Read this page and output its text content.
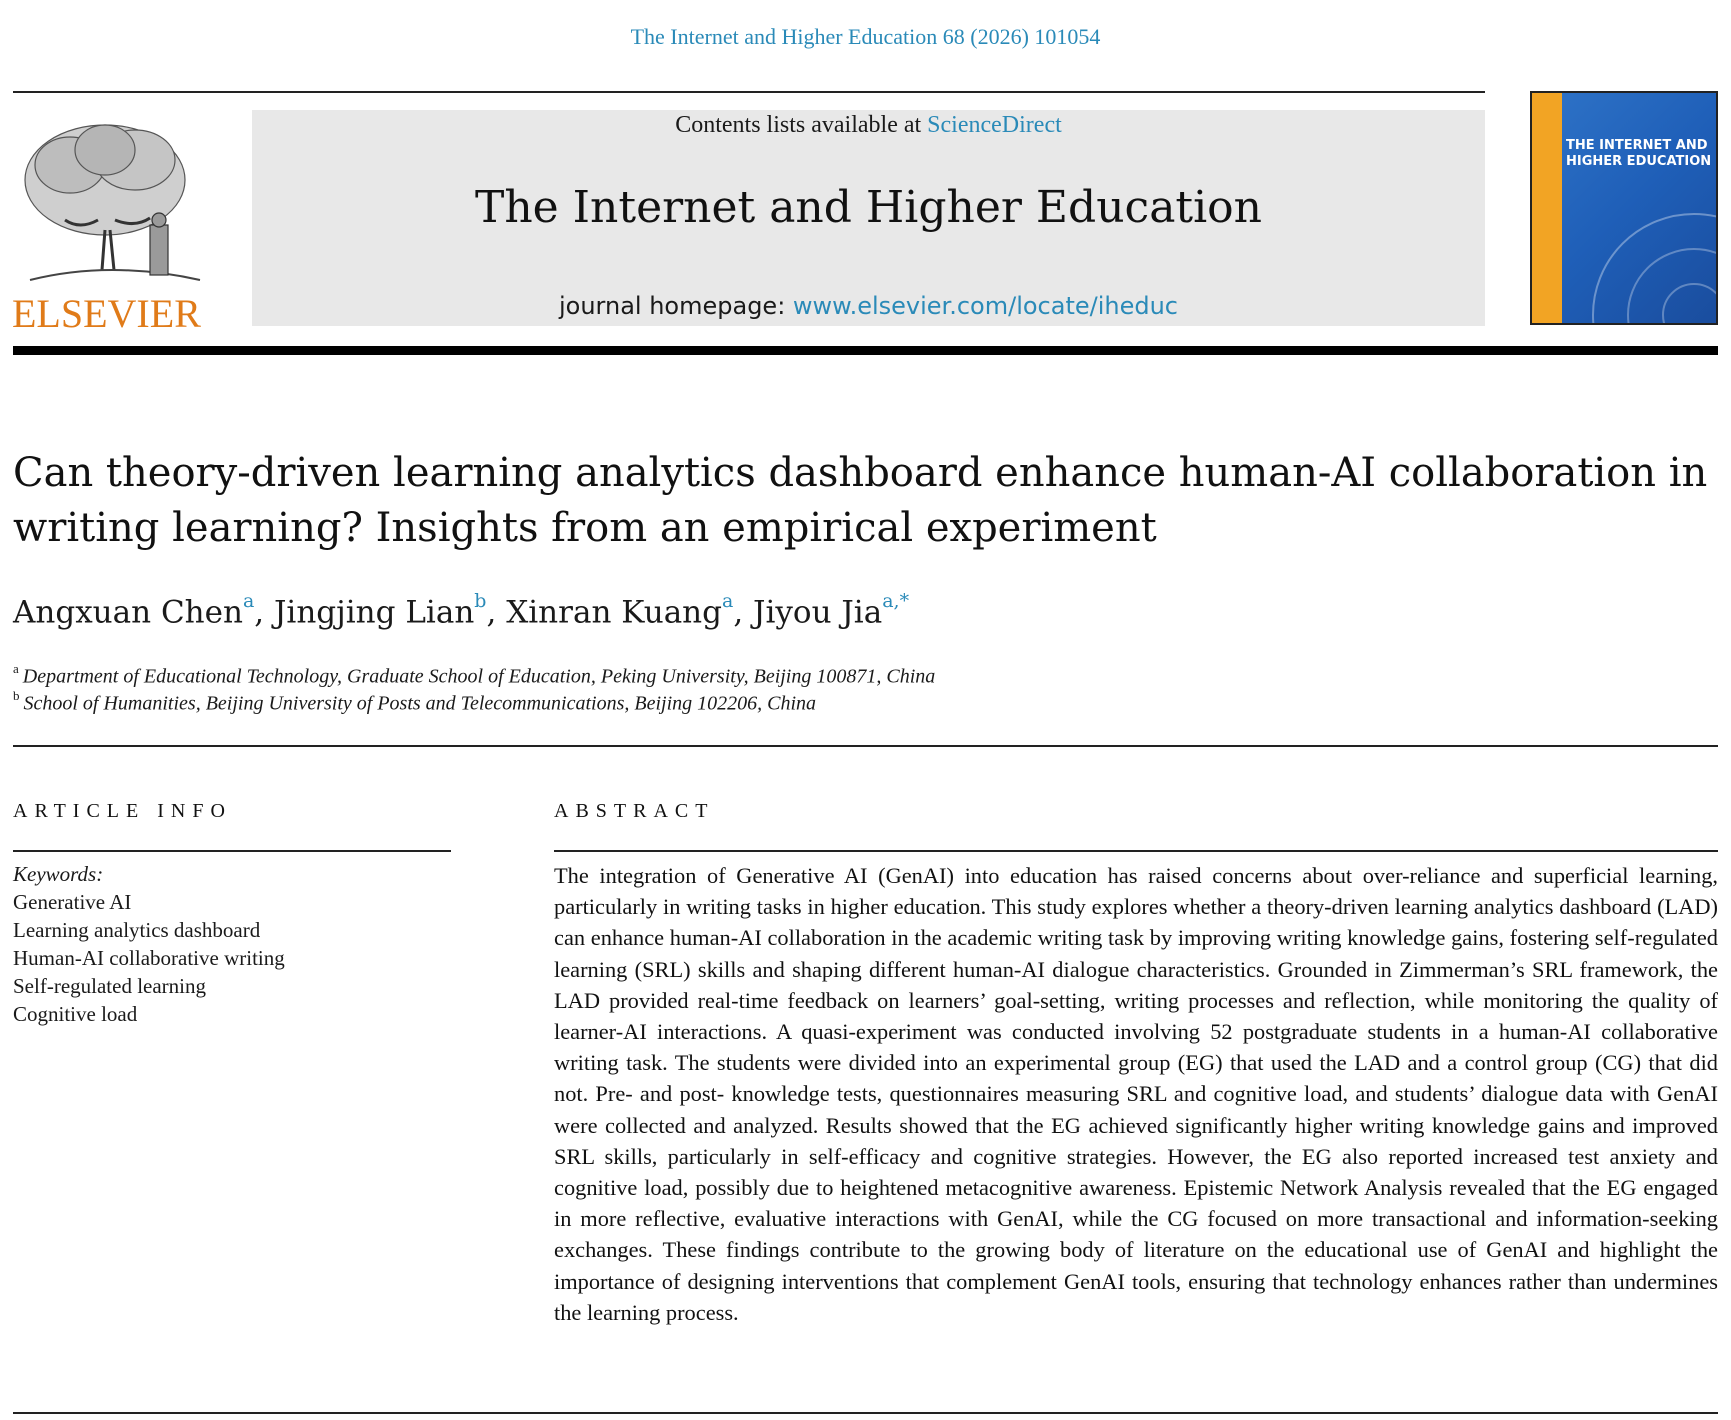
The Internet and Higher Education 68 (2026) 101054
ELSEVIER
Contents lists available at ScienceDirect
The Internet and Higher Education
journal homepage: www.elsevier.com/locate/iheduc
THE INTERNET AND HIGHER EDUCATION
Can theory-driven learning analytics dashboard enhance human-AI collaboration in writing learning? Insights from an empirical experiment
Angxuan Chen$^a$, Jingjing Lian$^b$, Xinran Kuang$^a$, Jiyou Jia$^{a,*}$
$^a$ Department of Educational Technology, Graduate School of Education, Peking University, Beijing 100871, China
$^b$ School of Humanities, Beijing University of Posts and Telecommunications, Beijing 102206, China
ARTICLE INFO	ABSTRACT
Keywords:
Generative AI
Learning analytics dashboard
Human-AI collaborative writing
Self-regulated learning
Cognitive load
The integration of Generative AI (GenAI) into education has raised concerns about over-reliance and superficial learning, particularly in writing tasks in higher education. This study explores whether a theory-driven learning analytics dashboard (LAD) can enhance human-AI collaboration in the academic writing task by improving writing knowledge gains, fostering self-regulated learning (SRL) skills and shaping different human-AI dialogue characteristics. Grounded in Zimmerman’s SRL framework, the LAD provided real-time feedback on learners’ goal-setting, writing processes and reflection, while monitoring the quality of learner-AI interactions. A quasi-experiment was conducted involving 52 postgraduate students in a human-AI collaborative writing task. The students were divided into an experimental group (EG) that used the LAD and a control group (CG) that did not. Pre- and post- knowledge tests, questionnaires measuring SRL and cognitive load, and students’ dialogue data with GenAI were collected and analyzed. Results showed that the EG achieved significantly higher writing knowledge gains and improved SRL skills, particularly in self-efficacy and cognitive strategies. However, the EG also reported increased test anxiety and cognitive load, possibly due to heightened metacognitive awareness. Epistemic Network Analysis revealed that the EG engaged in more reflective, evaluative interactions with GenAI, while the CG focused on more transactional and information-seeking exchanges. These findings contribute to the growing body of literature on the educational use of GenAI and highlight the importance of designing interventions that complement GenAI tools, ensuring that technology enhances rather than undermines the learning process.
